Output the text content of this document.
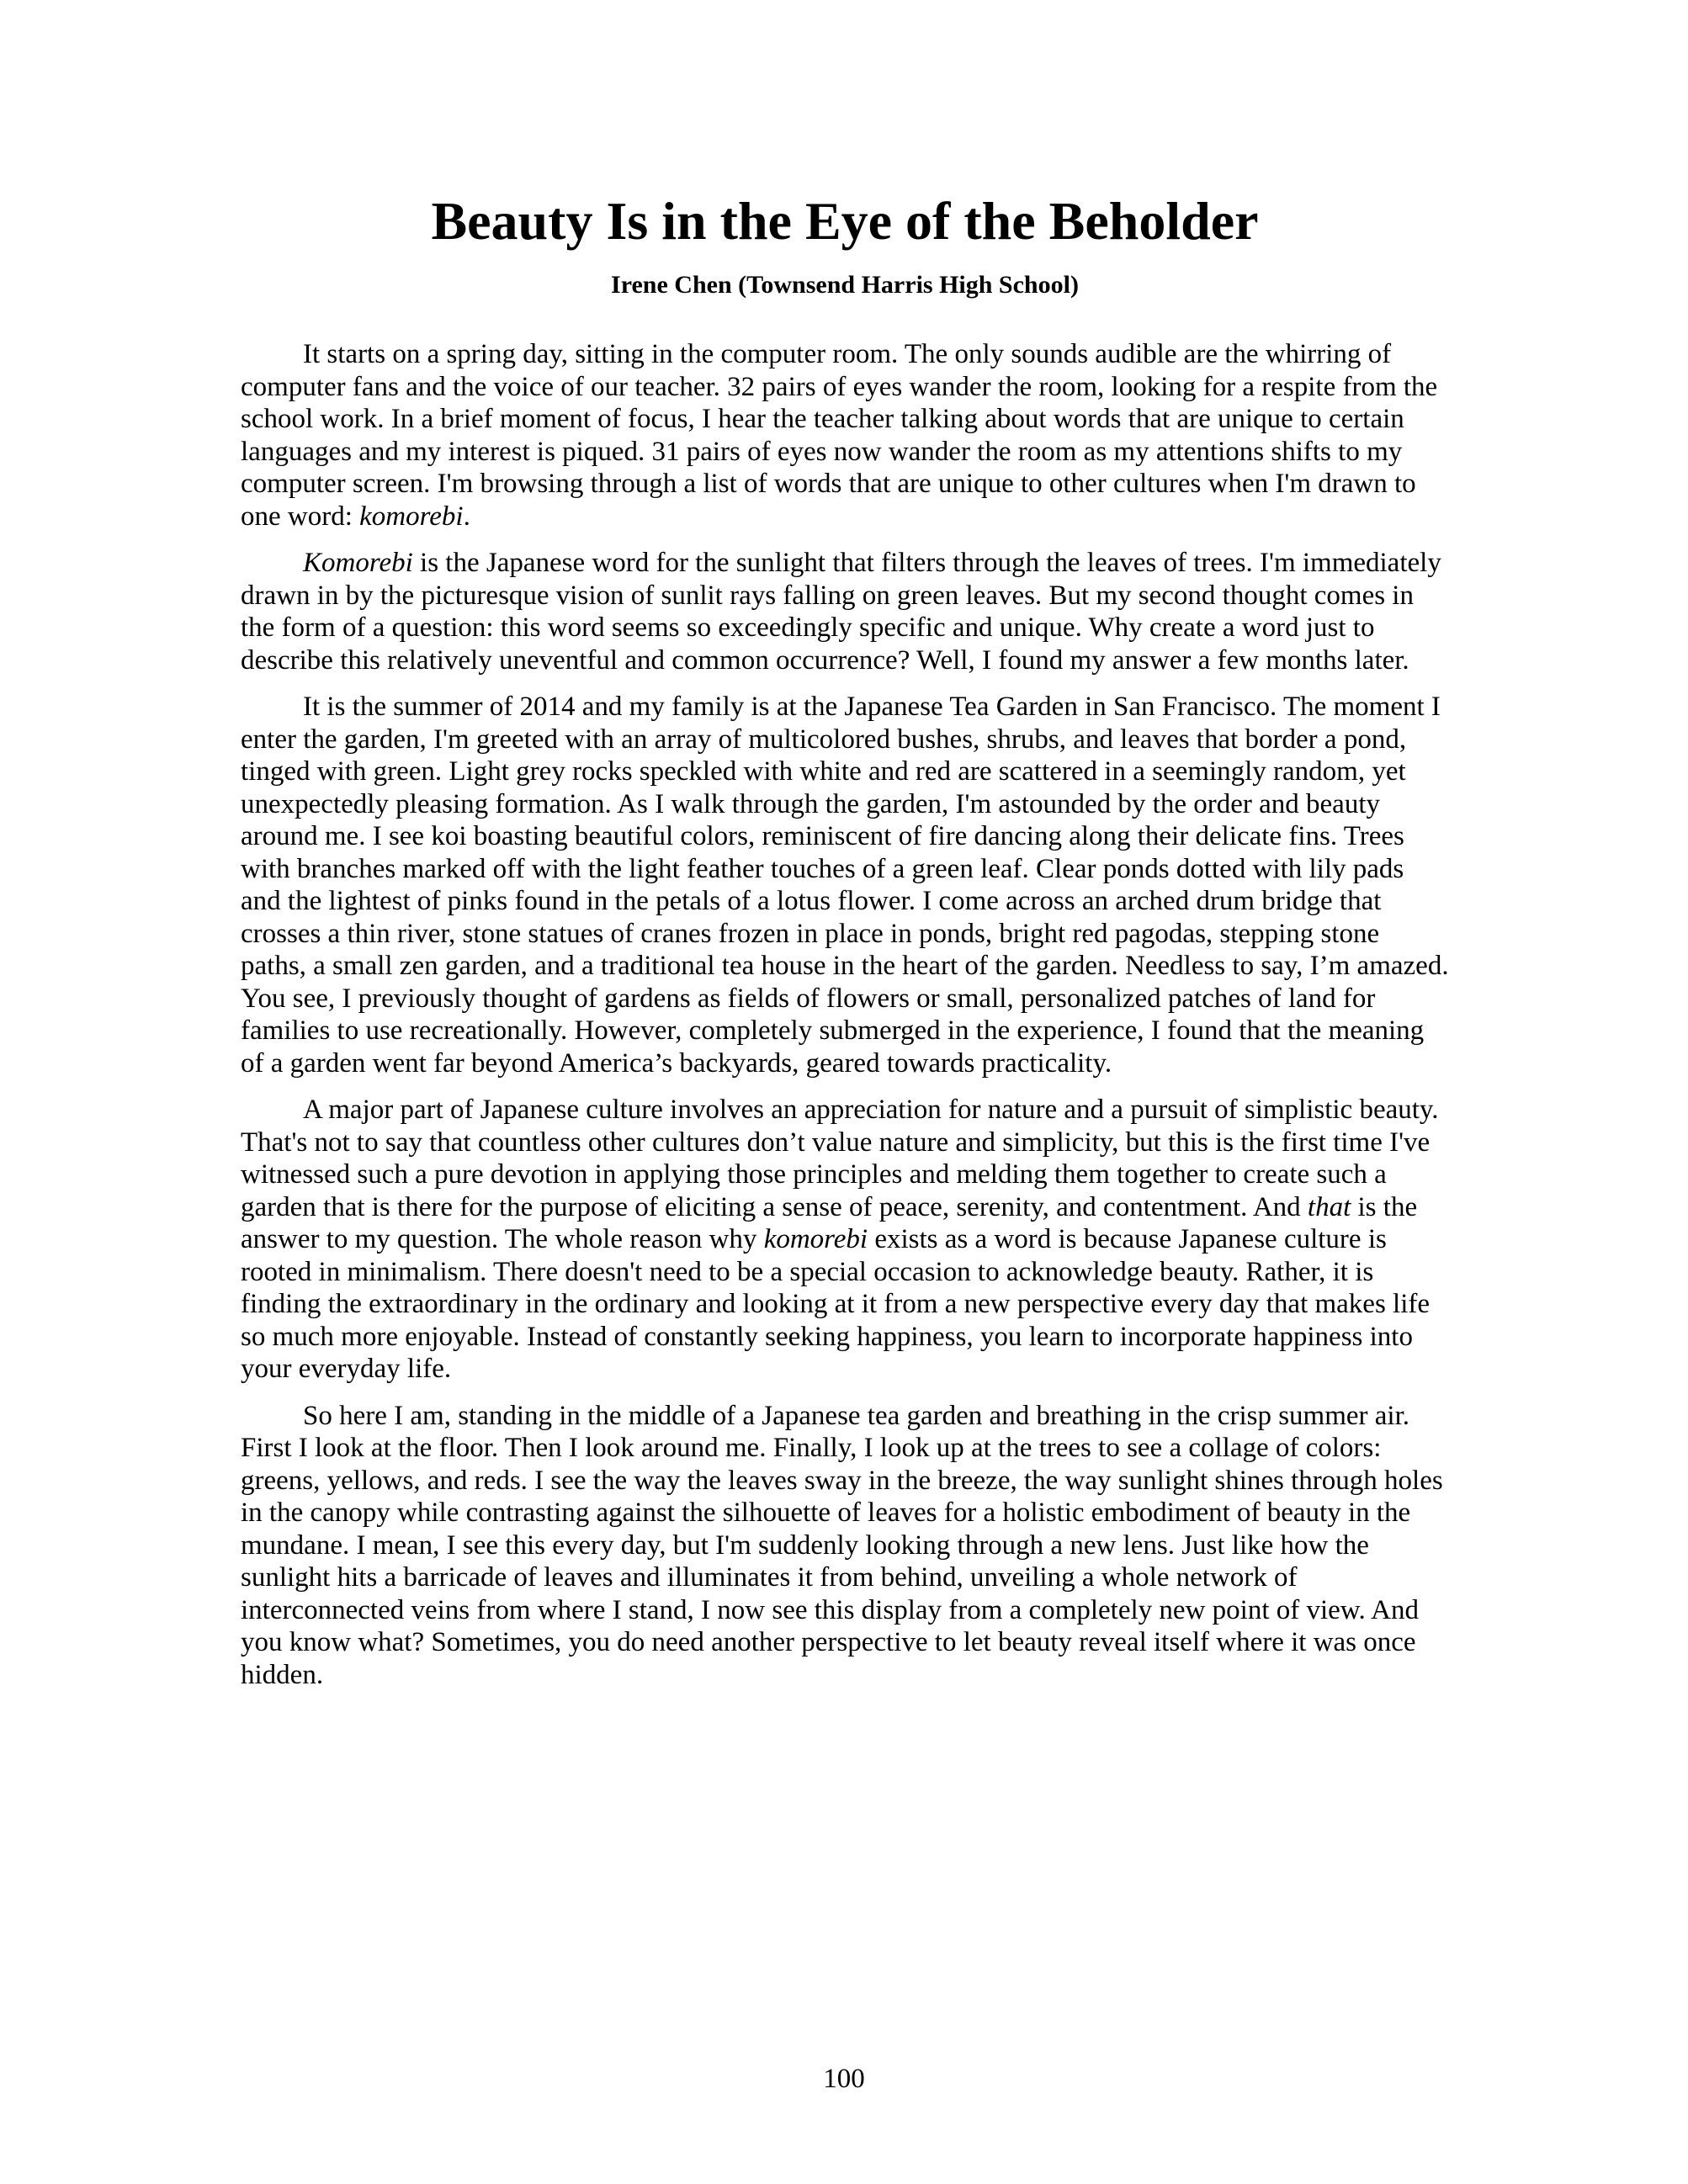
Beauty Is in the Eye of the Beholder
Irene Chen (Townsend Harris High School)

It starts on a spring day, sitting in the computer room. The only sounds audible are the whirring of computer fans and the voice of our teacher. 32 pairs of eyes wander the room, looking for a respite from the school work. In a brief moment of focus, I hear the teacher talking about words that are unique to certain languages and my interest is piqued. 31 pairs of eyes now wander the room as my attentions shifts to my computer screen. I'm browsing through a list of words that are unique to other cultures when I'm drawn to one word: komorebi.

Komorebi is the Japanese word for the sunlight that filters through the leaves of trees. I'm immediately drawn in by the picturesque vision of sunlit rays falling on green leaves. But my second thought comes in the form of a question: this word seems so exceedingly specific and unique. Why create a word just to describe this relatively uneventful and common occurrence? Well, I found my answer a few months later.

It is the summer of 2014 and my family is at the Japanese Tea Garden in San Francisco. The moment I enter the garden, I'm greeted with an array of multicolored bushes, shrubs, and leaves that border a pond, tinged with green. Light grey rocks speckled with white and red are scattered in a seemingly random, yet unexpectedly pleasing formation. As I walk through the garden, I'm astounded by the order and beauty around me. I see koi boasting beautiful colors, reminiscent of fire dancing along their delicate fins. Trees with branches marked off with the light feather touches of a green leaf. Clear ponds dotted with lily pads and the lightest of pinks found in the petals of a lotus flower. I come across an arched drum bridge that crosses a thin river, stone statues of cranes frozen in place in ponds, bright red pagodas, stepping stone paths, a small zen garden, and a traditional tea house in the heart of the garden. Needless to say, I’m amazed. You see, I previously thought of gardens as fields of flowers or small, personalized patches of land for families to use recreationally. However, completely submerged in the experience, I found that the meaning of a garden went far beyond America’s backyards, geared towards practicality.

A major part of Japanese culture involves an appreciation for nature and a pursuit of simplistic beauty. That's not to say that countless other cultures don’t value nature and simplicity, but this is the first time I've witnessed such a pure devotion in applying those principles and melding them together to create such a garden that is there for the purpose of eliciting a sense of peace, serenity, and contentment. And that is the answer to my question. The whole reason why komorebi exists as a word is because Japanese culture is rooted in minimalism. There doesn't need to be a special occasion to acknowledge beauty. Rather, it is finding the extraordinary in the ordinary and looking at it from a new perspective every day that makes life so much more enjoyable. Instead of constantly seeking happiness, you learn to incorporate happiness into your everyday life.

So here I am, standing in the middle of a Japanese tea garden and breathing in the crisp summer air. First I look at the floor. Then I look around me. Finally, I look up at the trees to see a collage of colors: greens, yellows, and reds. I see the way the leaves sway in the breeze, the way sunlight shines through holes in the canopy while contrasting against the silhouette of leaves for a holistic embodiment of beauty in the mundane. I mean, I see this every day, but I'm suddenly looking through a new lens. Just like how the sunlight hits a barricade of leaves and illuminates it from behind, unveiling a whole network of interconnected veins from where I stand, I now see this display from a completely new point of view. And you know what? Sometimes, you do need another perspective to let beauty reveal itself where it was once hidden.

100
